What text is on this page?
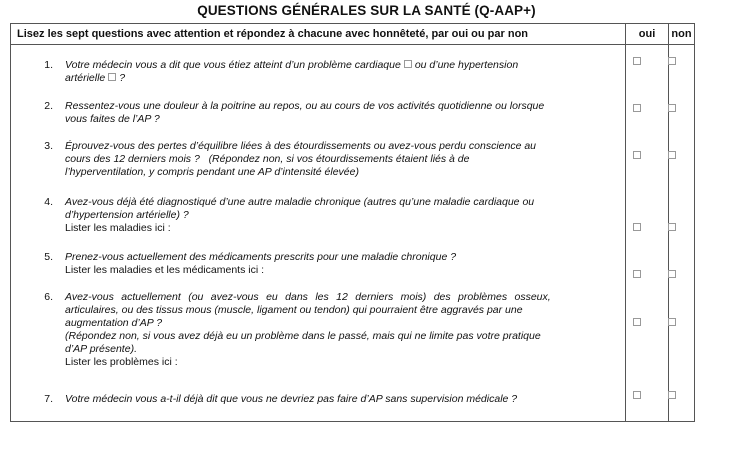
QUESTIONS GÉNÉRALES SUR LA SANTÉ (Q-AAP+)
Lisez les sept questions avec attention et répondez à chacune avec honnêteté, par oui ou par non	oui	non
1. Votre médecin vous a dit que vous étiez atteint d’un problème cardiaque ou d’une hypertension
artérielle ?
2. Ressentez-vous une douleur à la poitrine au repos, ou au cours de vos activités quotidienne ou lorsque
vous faites de l’AP ?
3. Éprouvez-vous des pertes d’équilibre liées à des étourdissements ou avez-vous perdu conscience au
cours des 12 derniers mois ?   (Répondez non, si vos étourdissements étaient liés à de
l’hyperventilation, y compris pendant une AP d’intensité élevée)
4. Avez-vous déjà été diagnostiqué d’une autre maladie chronique (autres qu’une maladie cardiaque ou
d’hypertension artérielle) ?
Lister les maladies ici :
5. Prenez-vous actuellement des médicaments prescrits pour une maladie chronique ?
Lister les maladies et les médicaments ici :
6. Avez-vous actuellement (ou avez-vous eu dans les 12 derniers mois) des problèmes osseux,
articulaires, ou des tissus mous (muscle, ligament ou tendon) qui pourraient être aggravés par une
augmentation d’AP ?
(Répondez non, si vous avez déjà eu un problème dans le passé, mais qui ne limite pas votre pratique
d’AP présente).
Lister les problèmes ici :
7. Votre médecin vous a-t-il déjà dit que vous ne devriez pas faire d’AP sans supervision médicale ?
